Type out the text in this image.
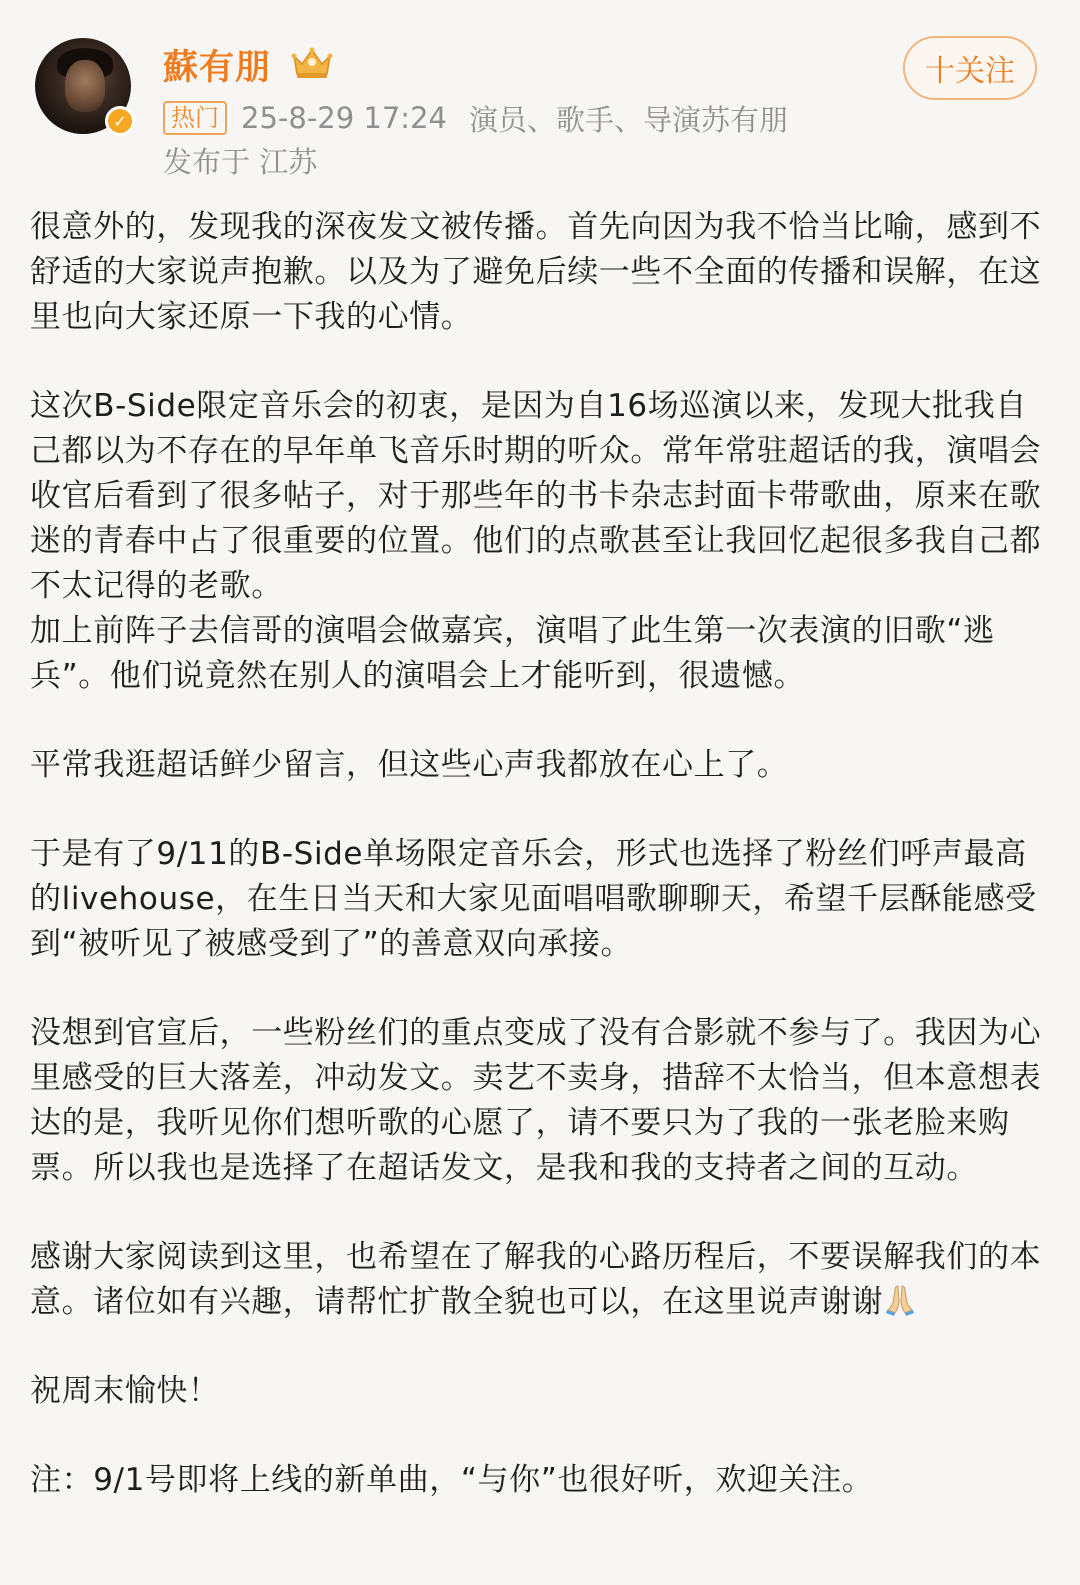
✓
蘇有朋
热门 25-8-29 17:24 演员、歌手、导演苏有朋
发布于 江苏
十关注

很意外的，发现我的深夜发文被传播。首先向因为我不恰当比喻，感到不舒适的大家说声抱歉。以及为了避免后续一些不全面的传播和误解，在这里也向大家还原一下我的心情。

这次B-Side限定音乐会的初衷，是因为自16场巡演以来，发现大批我自己都以为不存在的早年单飞音乐时期的听众。常年常驻超话的我，演唱会收官后看到了很多帖子，对于那些年的书卡杂志封面卡带歌曲，原来在歌迷的青春中占了很重要的位置。他们的点歌甚至让我回忆起很多我自己都不太记得的老歌。

加上前阵子去信哥的演唱会做嘉宾，演唱了此生第一次表演的旧歌“逃兵”。他们说竟然在别人的演唱会上才能听到，很遗憾。

平常我逛超话鲜少留言，但这些心声我都放在心上了。

于是有了9/11的B-Side单场限定音乐会，形式也选择了粉丝们呼声最高的livehouse，在生日当天和大家见面唱唱歌聊聊天，希望千层酥能感受到“被听见了被感受到了”的善意双向承接。

没想到官宣后，一些粉丝们的重点变成了没有合影就不参与了。我因为心里感受的巨大落差，冲动发文。卖艺不卖身，措辞不太恰当，但本意想表达的是，我听见你们想听歌的心愿了，请不要只为了我的一张老脸来购票。所以我也是选择了在超话发文，是我和我的支持者之间的互动。

感谢大家阅读到这里，也希望在了解我的心路历程后，不要误解我们的本意。诸位如有兴趣，请帮忙扩散全貌也可以，在这里说声谢谢

祝周末愉快！

注：9/1号即将上线的新单曲，“与你”也很好听，欢迎关注。
